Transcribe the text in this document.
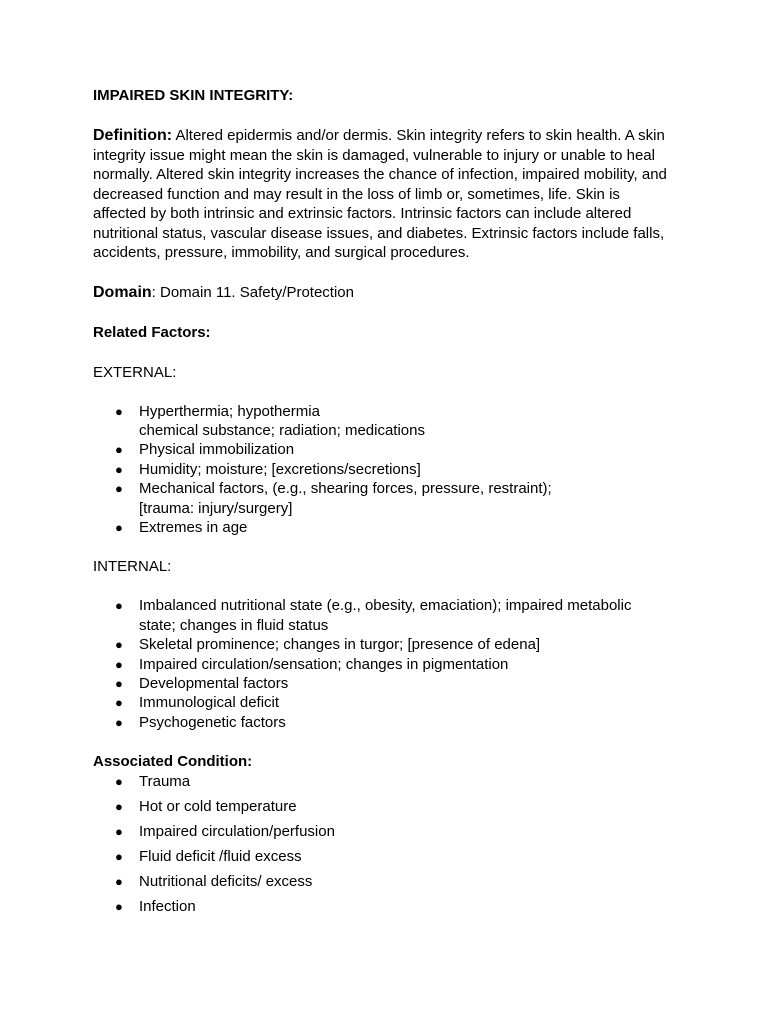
IMPAIRED SKIN INTEGRITY:

Definition: Altered epidermis and/or dermis. Skin integrity refers to skin health. A skin integrity issue might mean the skin is damaged, vulnerable to injury or unable to heal normally. Altered skin integrity increases the chance of infection, impaired mobility, and decreased function and may result in the loss of limb or, sometimes, life. Skin is affected by both intrinsic and extrinsic factors. Intrinsic factors can include altered nutritional status, vascular disease issues, and diabetes. Extrinsic factors include falls, accidents, pressure, immobility, and surgical procedures.

Domain: Domain 11. Safety/Protection
Related Factors:
EXTERNAL:
● Hyperthermia; hypothermia
chemical substance; radiation; medications
● Physical immobilization
● Humidity; moisture; [excretions/secretions]
● Mechanical factors, (e.g., shearing forces, pressure, restraint);
[trauma: injury/surgery]
● Extremes in age
INTERNAL:
● Imbalanced nutritional state (e.g., obesity, emaciation); impaired metabolic
state; changes in fluid status
● Skeletal prominence; changes in turgor; [presence of edena]
● Impaired circulation/sensation; changes in pigmentation
● Developmental factors
● Immunological deficit
● Psychogenetic factors
Associated Condition:
● Trauma
● Hot or cold temperature
● Impaired circulation/perfusion
● Fluid deficit /fluid excess
● Nutritional deficits/ excess
● Infection
